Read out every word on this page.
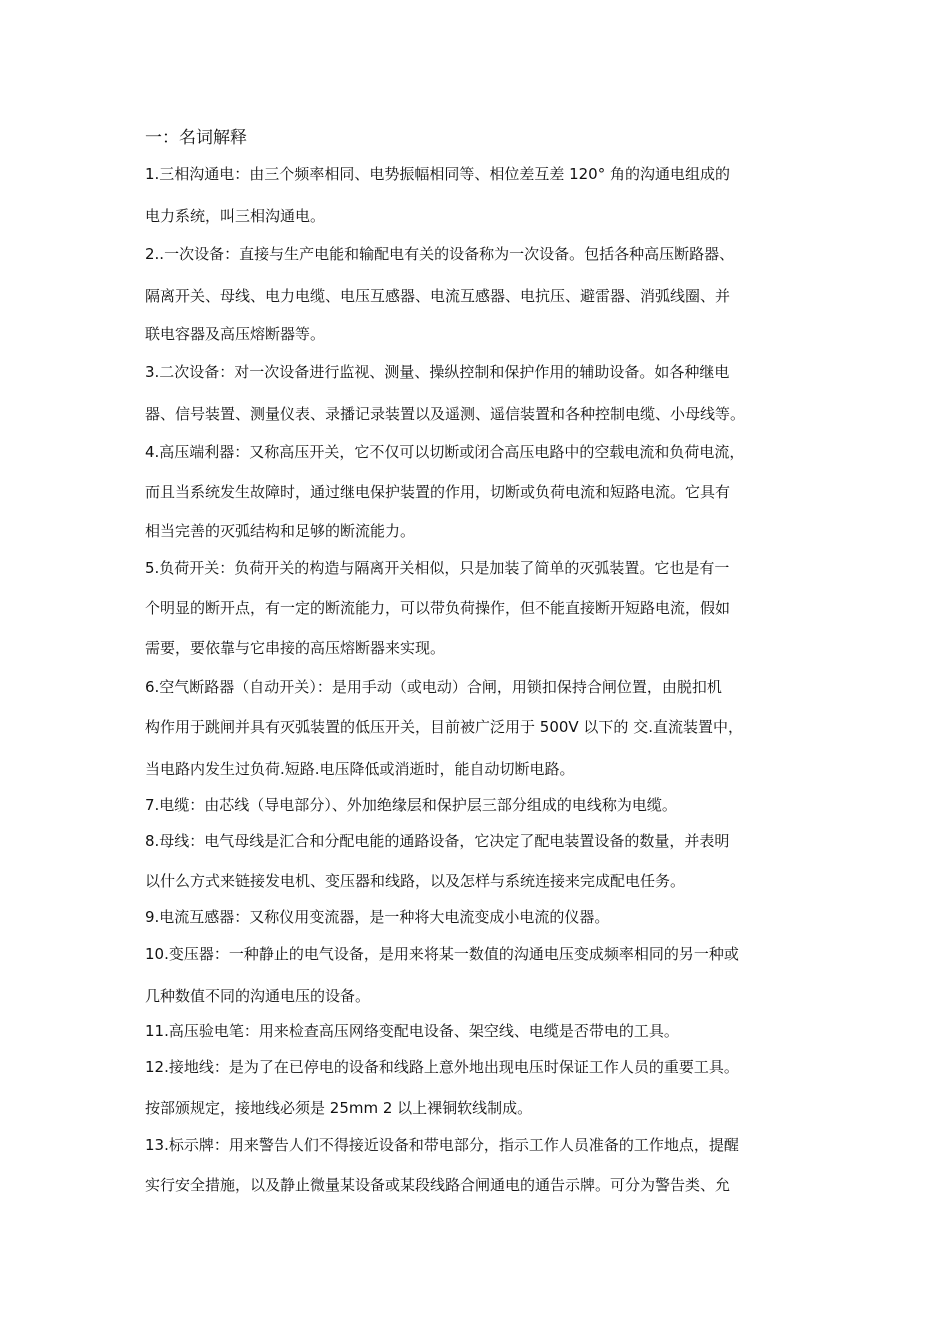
一：名词解释
1.三相沟通电：由三个频率相同、电势振幅相同等、相位差互差 120° 角的沟通电组成的
电力系统，叫三相沟通电。
2..一次设备：直接与生产电能和输配电有关的设备称为一次设备。包括各种高压断路器、
隔离开关、母线、电力电缆、电压互感器、电流互感器、电抗压、避雷器、消弧线圈、并
联电容器及高压熔断器等。
3.二次设备：对一次设备进行监视、测量、操纵控制和保护作用的辅助设备。如各种继电
器、信号装置、测量仪表、录播记录装置以及遥测、遥信装置和各种控制电缆、小母线等。
4.高压端利器：又称高压开关，它不仅可以切断或闭合高压电路中的空载电流和负荷电流，
而且当系统发生故障时，通过继电保护装置的作用，切断或负荷电流和短路电流。它具有
相当完善的灭弧结构和足够的断流能力。
5.负荷开关：负荷开关的构造与隔离开关相似，只是加装了简单的灭弧装置。它也是有一
个明显的断开点，有一定的断流能力，可以带负荷操作，但不能直接断开短路电流，假如
需要，要依靠与它串接的高压熔断器来实现。
6.空气断路器（自动开关）：是用手动（或电动）合闸，用锁扣保持合闸位置，由脱扣机
构作用于跳闸并具有灭弧装置的低压开关，目前被广泛用于 500V 以下的 交.直流装置中，
当电路内发生过负荷.短路.电压降低或消逝时，能自动切断电路。
7.电缆：由芯线（导电部分）、外加绝缘层和保护层三部分组成的电线称为电缆。
8.母线：电气母线是汇合和分配电能的通路设备，它决定了配电装置设备的数量，并表明
以什么方式来链接发电机、变压器和线路，以及怎样与系统连接来完成配电任务。
9.电流互感器：又称仪用变流器，是一种将大电流变成小电流的仪器。
10.变压器：一种静止的电气设备，是用来将某一数值的沟通电压变成频率相同的另一种或
几种数值不同的沟通电压的设备。
11.高压验电笔：用来检查高压网络变配电设备、架空线、电缆是否带电的工具。
12.接地线：是为了在已停电的设备和线路上意外地出现电压时保证工作人员的重要工具。
按部颁规定，接地线必须是 25mm 2 以上裸铜软线制成。
13.标示牌：用来警告人们不得接近设备和带电部分，指示工作人员准备的工作地点，提醒
实行安全措施，以及静止微量某设备或某段线路合闸通电的通告示牌。可分为警告类、允
